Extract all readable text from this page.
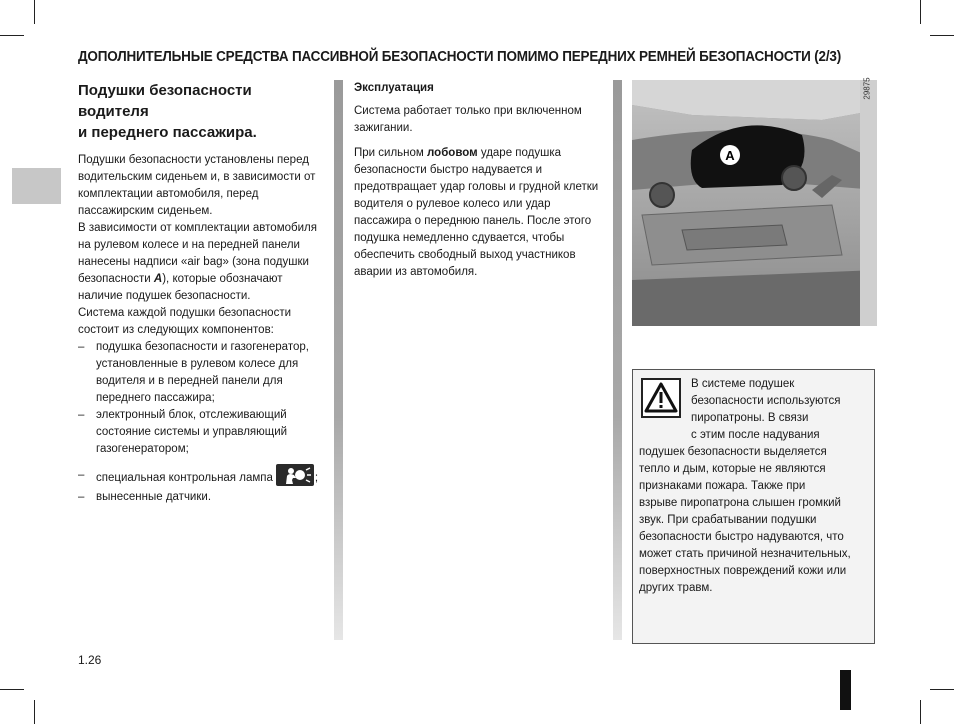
ДОПОЛНИТЕЛЬНЫЕ СРЕДСТВА ПАССИВНОЙ БЕЗОПАСНОСТИ ПОМИМО ПЕРЕДНИХ РЕМНЕЙ БЕЗОПАСНОСТИ (2/3)

Подушки безопасности водителя
и переднего пассажира.

Подушки безопасности установлены перед водительским сиденьем и, в зависимости от комплектации автомобиля, перед пассажирским сиденьем.

В зависимости от комплектации автомобиля на рулевом колесе и на передней панели нанесены надписи «air bag» (зона подушки безопасности A), которые обозначают наличие подушек безопасности.

Система каждой подушки безопасности состоит из следующих компонентов:

– подушка безопасности и газогенератор, установленные в рулевом колесе для водителя и в передней панели для переднего пассажира;

– электронный блок, отслеживающий состояние системы и управляющий газогенератором;

– специальная контрольная лампа	;

– вынесенные датчики.

Эксплуатация

Система работает только при включенном зажигании.

При сильном лобовом ударе подушка безопасности быстро надувается и предотвращает удар головы и грудной клетки водителя о рулевое колесо или удар пассажира о переднюю панель. После этого подушка немедленно сдувается, чтобы обеспечить свободный выход участников аварии из автомобиля.

A
29875
В системе подушек
безопасности используются
пиропатроны. В связи
с этим после надувания
подушек безопасности выделяется
тепло и дым, которые не являются
признаками пожара. Также при
взрыве пиропатрона слышен громкий
звук. При срабатывании подушки
безопасности быстро надуваются, что
может стать причиной незначительных,
поверхностных повреждений кожи или
других травм.
1.26
